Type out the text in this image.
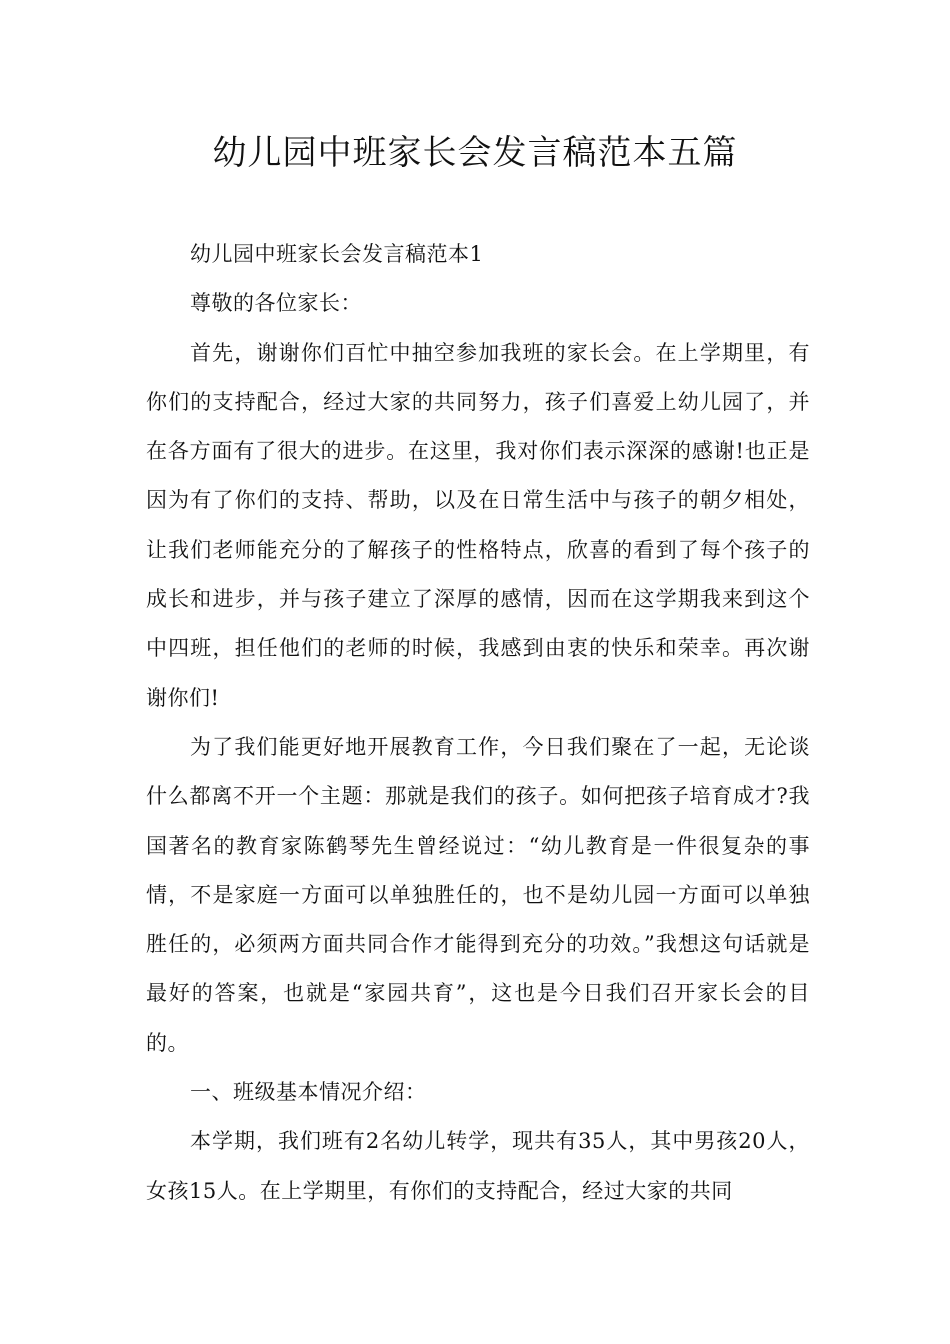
幼儿园中班家长会发言稿范本五篇

幼儿园中班家长会发言稿范本1

尊敬的各位家长：

首先，谢谢你们百忙中抽空参加我班的家长会。在上学期里，有你们的支持配合，经过大家的共同努力，孩子们喜爱上幼儿园了，并在各方面有了很大的进步。在这里，我对你们表示深深的感谢!也正是因为有了你们的支持、帮助，以及在日常生活中与孩子的朝夕相处，让我们老师能充分的了解孩子的性格特点，欣喜的看到了每个孩子的成长和进步，并与孩子建立了深厚的感情，因而在这学期我来到这个中四班，担任他们的老师的时候，我感到由衷的快乐和荣幸。再次谢谢你们!

为了我们能更好地开展教育工作，今日我们聚在了一起，无论谈什么都离不开一个主题：那就是我们的孩子。如何把孩子培育成才?我国著名的教育家陈鹤琴先生曾经说过：“幼儿教育是一件很复杂的事情，不是家庭一方面可以单独胜任的，也不是幼儿园一方面可以单独胜任的，必须两方面共同合作才能得到充分的功效。”我想这句话就是最好的答案，也就是“家园共育”，这也是今日我们召开家长会的目的。

一、班级基本情况介绍：

本学期，我们班有2名幼儿转学，现共有35人，其中男孩20人，女孩15人。在上学期里，有你们的支持配合，经过大家的共同
